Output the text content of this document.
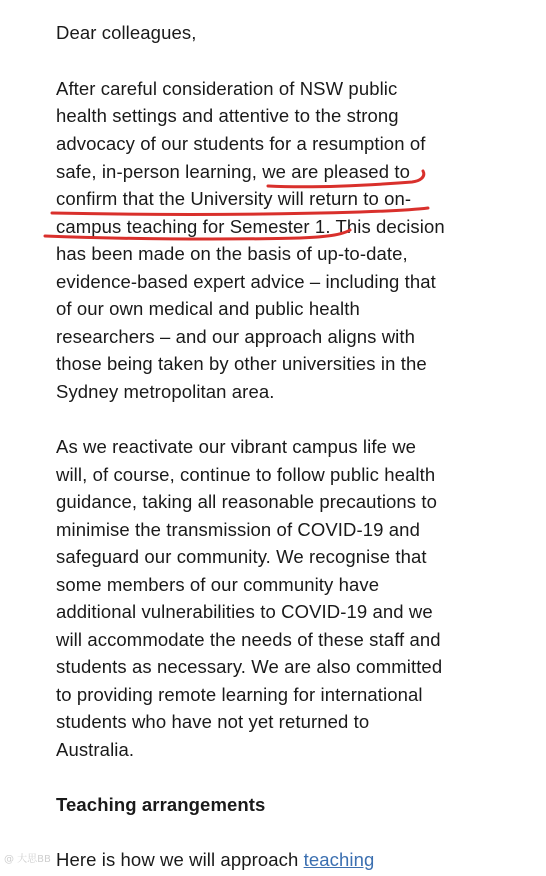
Dear colleagues,
After careful consideration of NSW public
health settings and attentive to the strong
advocacy of our students for a resumption of
safe, in-person learning, we are pleased to
confirm that the University will return to on-
campus teaching for Semester 1. This decision
has been made on the basis of up-to-date,
evidence-based expert advice – including that
of our own medical and public health
researchers – and our approach aligns with
those being taken by other universities in the
Sydney metropolitan area.
As we reactivate our vibrant campus life we
will, of course, continue to follow public health
guidance, taking all reasonable precautions to
minimise the transmission of COVID-19 and
safeguard our community. We recognise that
some members of our community have
additional vulnerabilities to COVID-19 and we
will accommodate the needs of these staff and
students as necessary. We are also committed
to providing remote learning for international
students who have not yet returned to
Australia.
Teaching arrangements
Here is how we will approach teaching
@ 大思BB
